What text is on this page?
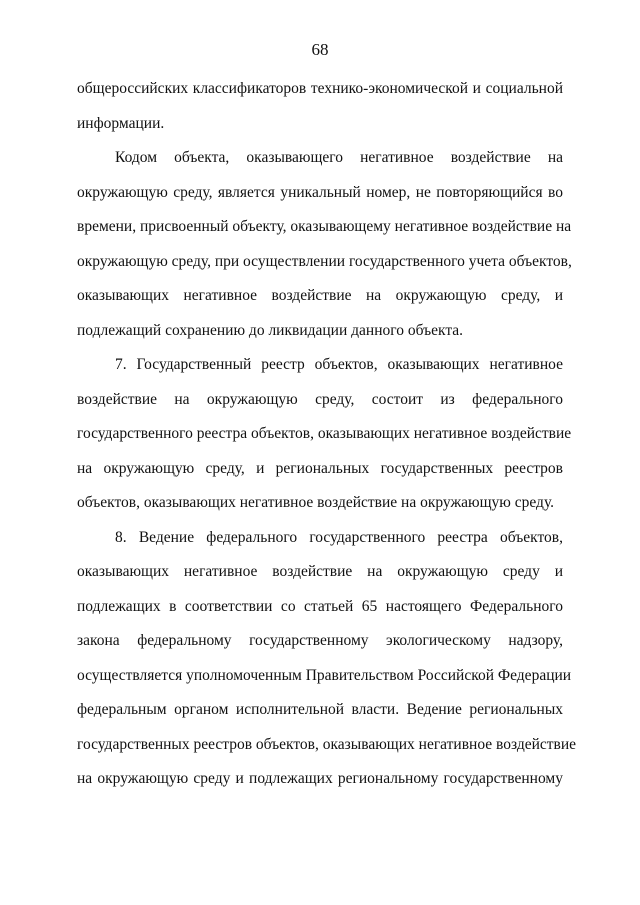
68

общероссийских классификаторов технико-экономической и социальной
информации.

Кодом объекта, оказывающего негативное воздействие на
окружающую среду, является уникальный номер, не повторяющийся во
времени, присвоенный объекту, оказывающему негативное воздействие на
окружающую среду, при осуществлении государственного учета объектов,
оказывающих негативное воздействие на окружающую среду, и
подлежащий сохранению до ликвидации данного объекта.

7. Государственный реестр объектов, оказывающих негативное
воздействие на окружающую среду, состоит из федерального
государственного реестра объектов, оказывающих негативное воздействие
на окружающую среду, и региональных государственных реестров
объектов, оказывающих негативное воздействие на окружающую среду.

8. Ведение федерального государственного реестра объектов,
оказывающих негативное воздействие на окружающую среду и
подлежащих в соответствии со статьей 65 настоящего Федерального
закона федеральному государственному экологическому надзору,
осуществляется уполномоченным Правительством Российской Федерации
федеральным органом исполнительной власти. Ведение региональных
государственных реестров объектов, оказывающих негативное воздействие
на окружающую среду и подлежащих региональному государственному
